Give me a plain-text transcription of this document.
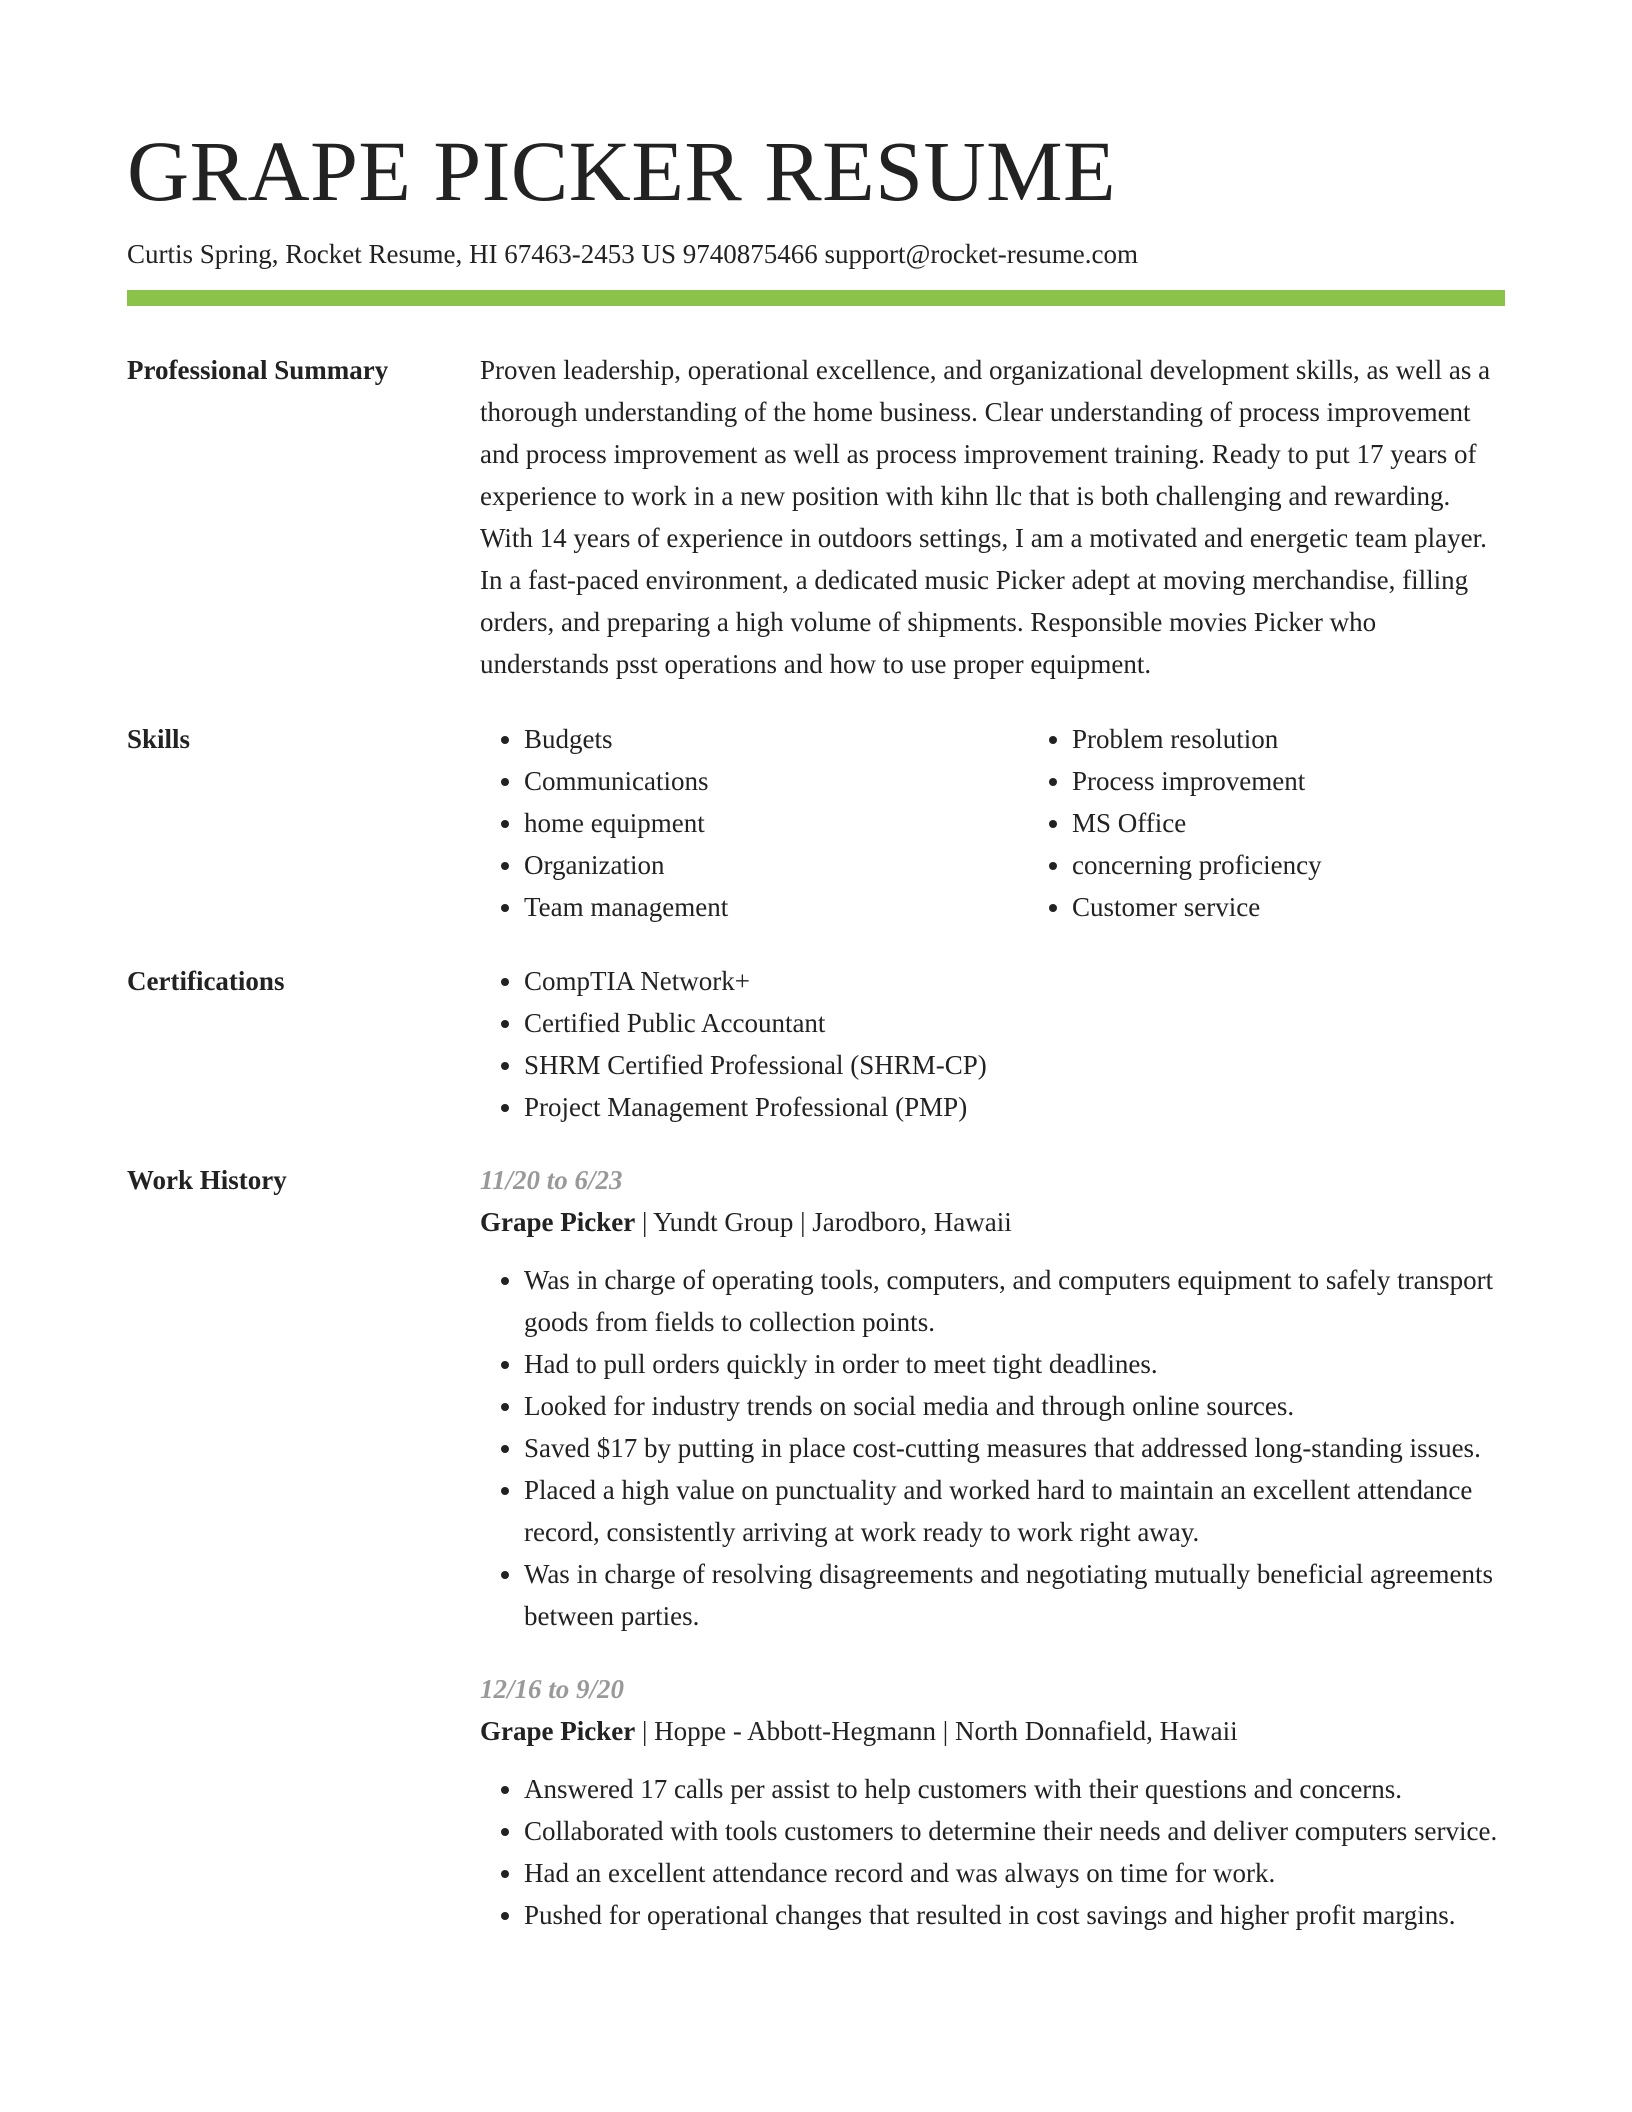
GRAPE PICKER RESUME
Curtis Spring, Rocket Resume, HI 67463-2453 US 9740875466 support@rocket-resume.com
Professional Summary	Proven leadership, operational excellence, and organizational development skills, as well as a thorough understanding of the home business. Clear understanding of process improvement and process improvement as well as process improvement training. Ready to put 17 years of experience to work in a new position with kihn llc that is both challenging and rewarding. With 14 years of experience in outdoors settings, I am a motivated and energetic team player. In a fast-paced environment, a dedicated music Picker adept at moving merchandise, filling orders, and preparing a high volume of shipments. Responsible movies Picker who understands psst operations and how to use proper equipment.

Skills	• Budgets
• Communications
• home equipment
• Organization
• Team management
• Problem resolution
• Process improvement
• MS Office
• concerning proficiency
• Customer service
Certifications	• CompTIA Network+
• Certified Public Accountant
• SHRM Certified Professional (SHRM-CP)
• Project Management Professional (PMP)
Work History	11/20 to 6/23
Grape Picker | Yundt Group | Jarodboro, Hawaii
• Was in charge of operating tools, computers, and computers equipment to safely transport goods from fields to collection points.
• Had to pull orders quickly in order to meet tight deadlines.
• Looked for industry trends on social media and through online sources.
• Saved $17 by putting in place cost-cutting measures that addressed long-standing issues.
• Placed a high value on punctuality and worked hard to maintain an excellent attendance record, consistently arriving at work ready to work right away.
• Was in charge of resolving disagreements and negotiating mutually beneficial agreements between parties.
12/16 to 9/20
Grape Picker | Hoppe - Abbott-Hegmann | North Donnafield, Hawaii
• Answered 17 calls per assist to help customers with their questions and concerns.
• Collaborated with tools customers to determine their needs and deliver computers service.
• Had an excellent attendance record and was always on time for work.
• Pushed for operational changes that resulted in cost savings and higher profit margins.
